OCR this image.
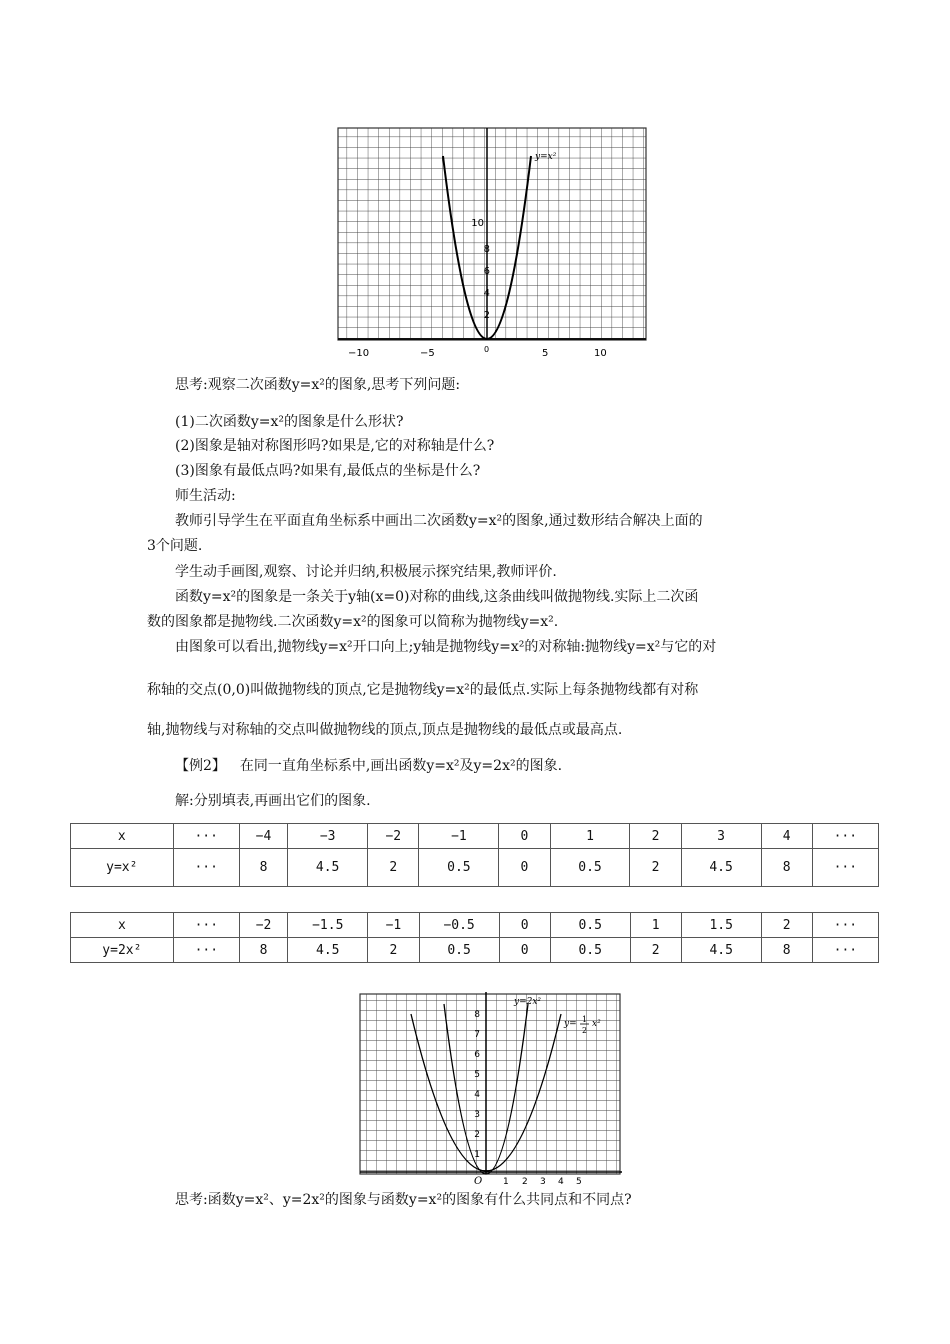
y=x²
10
8
6
4
2
−10	−5	0	5	10
思考:观察二次函数y=x²的图象,思考下列问题:
(1)二次函数y=x²的图象是什么形状?
(2)图象是轴对称图形吗?如果是,它的对称轴是什么?
(3)图象有最低点吗?如果有,最低点的坐标是什么?
师生活动:
教师引导学生在平面直角坐标系中画出二次函数y=x²的图象,通过数形结合解决上面的
3个问题.
学生动手画图,观察、讨论并归纳,积极展示探究结果,教师评价.
函数y=x²的图象是一条关于y轴(x=0)对称的曲线,这条曲线叫做抛物线.实际上二次函
数的图象都是抛物线.二次函数y=x²的图象可以简称为抛物线y=x².
由图象可以看出,抛物线y=x²开口向上;y轴是抛物线y=x²的对称轴:抛物线y=x²与它的对
称轴的交点(0,0)叫做抛物线的顶点,它是抛物线y=x²的最低点.实际上每条抛物线都有对称
轴,抛物线与对称轴的交点叫做抛物线的顶点,顶点是抛物线的最低点或最高点.
【例2】 在同一直角坐标系中,画出函数y=x²及y=2x²的图象.
解:分别填表,再画出它们的图象.
x	···	−4	−3	−2	−1	0	1	2	3	4	···
y=x²	···	8	4.5	2	0.5	0	0.5	2	4.5	8	···
x	···	−2	−1.5	−1	−0.5	0	0.5	1	1.5	2	···
y=2x²	···	8	4.5	2	0.5	0	0.5	2	4.5	8	···
y=2x²
y= 1
2
x²
8
7
6
5
4
3
2
1
O 1 2 3 4 5
思考:函数y=x²、y=2x²的图象与函数y=x²的图象有什么共同点和不同点?
